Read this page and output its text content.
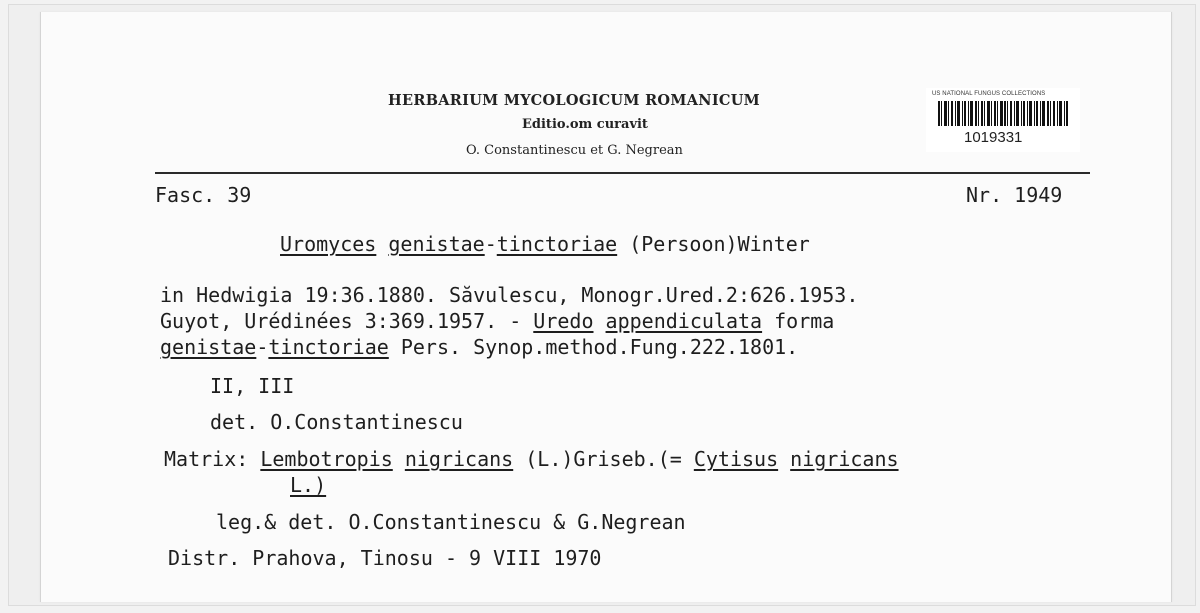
HERBARIUM MYCOLOGICUM ROMANICUM
Editio.om curavit
O. Constantinescu et G. Negrean
US NATIONAL FUNGUS COLLECTIONS
1019331
Fasc. 39	Nr. 1949
Uromyces genistae-tinctoriae (Persoon)Winter
in Hedwigia 19:36.1880. Săvulescu, Monogr.Ured.2:626.1953.
Guyot, Urédinées 3:369.1957. - Uredo appendiculata forma
genistae-tinctoriae Pers. Synop.method.Fung.222.1801.
II, III
det. O.Constantinescu
Matrix: Lembotropis nigricans (L.)Griseb.(= Cytisus nigricans
L.)
leg.& det. O.Constantinescu & G.Negrean
Distr. Prahova, Tinosu - 9 VIII 1970
